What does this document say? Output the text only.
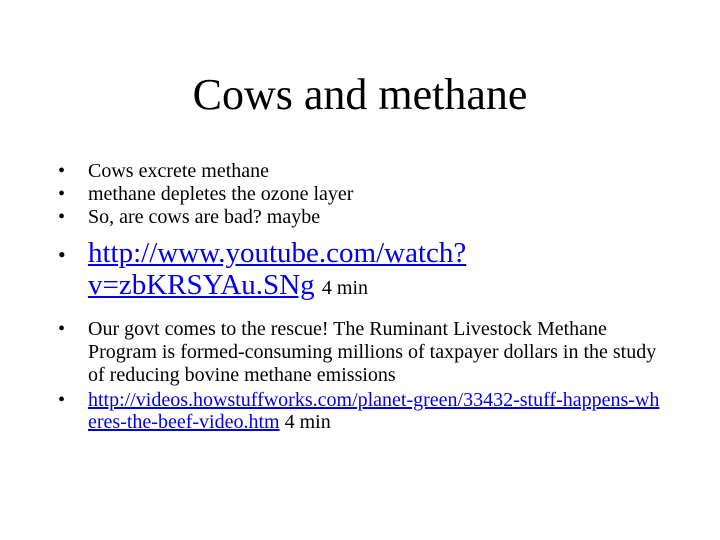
Cows and methane
• Cows excrete methane
• methane depletes the ozone layer
• So, are cows are bad? maybe
• http://www.youtube.com/watch?v=zbKRSYAu.SNg 4 min
• Our govt comes to the rescue! The Ruminant Livestock Methane Program is formed-consuming millions of taxpayer dollars in the study of reducing bovine methane emissions
• http://videos.howstuffworks.com/planet-green/33432-stuff-happens-wheres-the-beef-video.htm 4 min
